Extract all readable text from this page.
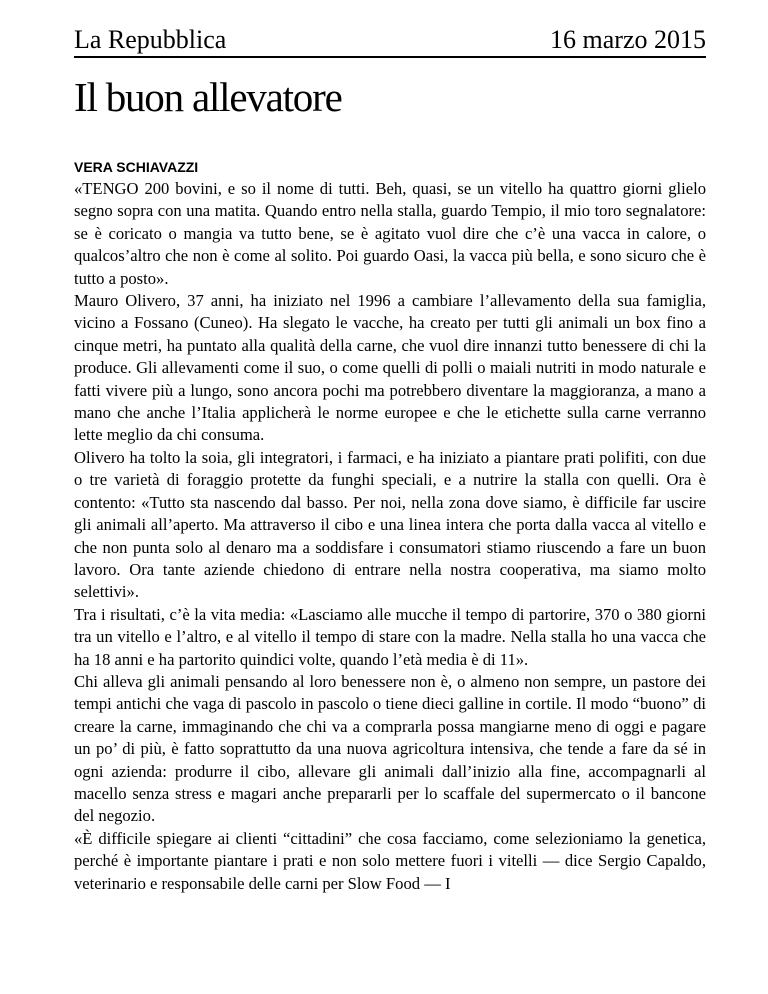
La Repubblica	16 marzo 2015
Il buon allevatore
VERA SCHIAVAZZI

«TENGO 200 bovini, e so il nome di tutti. Beh, quasi, se un vitello ha quattro giorni glielo segno sopra con una matita. Quando entro nella stalla, guardo Tempio, il mio toro segnalatore: se è coricato o mangia va tutto bene, se è agitato vuol dire che c’è una vacca in calore, o qualcos’altro che non è come al solito. Poi guardo Oasi, la vacca più bella, e sono sicuro che è tutto a posto».

Mauro Olivero, 37 anni, ha iniziato nel 1996 a cambiare l’allevamento della sua famiglia, vicino a Fossano (Cuneo). Ha slegato le vacche, ha creato per tutti gli animali un box fino a cinque metri, ha puntato alla qualità della carne, che vuol dire innanzi tutto benessere di chi la produce. Gli allevamenti come il suo, o come quelli di polli o maiali nutriti in modo naturale e fatti vivere più a lungo, sono ancora pochi ma potrebbero diventare la maggioranza, a mano a mano che anche l’Italia applicherà le norme europee e che le etichette sulla carne verranno lette meglio da chi consuma.

Olivero ha tolto la soia, gli integratori, i farmaci, e ha iniziato a piantare prati polifiti, con due o tre varietà di foraggio protette da funghi speciali, e a nutrire la stalla con quelli. Ora è contento: «Tutto sta nascendo dal basso. Per noi, nella zona dove siamo, è difficile far uscire gli animali all’aperto. Ma attraverso il cibo e una linea intera che porta dalla vacca al vitello e che non punta solo al denaro ma a soddisfare i consumatori stiamo riuscendo a fare un buon lavoro. Ora tante aziende chiedono di entrare nella nostra cooperativa, ma siamo molto selettivi».

Tra i risultati, c’è la vita media: «Lasciamo alle mucche il tempo di partorire, 370 o 380 giorni tra un vitello e l’altro, e al vitello il tempo di stare con la madre. Nella stalla ho una vacca che ha 18 anni e ha partorito quindici volte, quando l’età media è di 11».

Chi alleva gli animali pensando al loro benessere non è, o almeno non sempre, un pastore dei tempi antichi che vaga di pascolo in pascolo o tiene dieci galline in cortile. Il modo “buono” di creare la carne, immaginando che chi va a comprarla possa mangiarne meno di oggi e pagare un po’ di più, è fatto soprattutto da una nuova agricoltura intensiva, che tende a fare da sé in ogni azienda: produrre il cibo, allevare gli animali dall’inizio alla fine, accompagnarli al macello senza stress e magari anche prepararli per lo scaffale del supermercato o il bancone del negozio.

«È difficile spiegare ai clienti “cittadini” che cosa facciamo, come selezioniamo la genetica, perché è importante piantare i prati e non solo mettere fuori i vitelli — dice Sergio Capaldo, veterinario e responsabile delle carni per Slow Food — I
